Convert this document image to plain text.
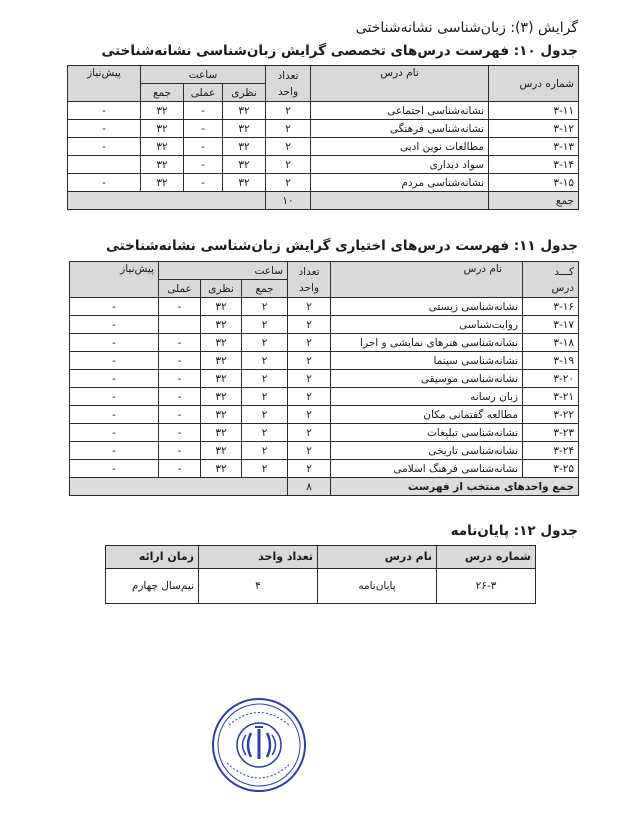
گرایش (۳): زبان‌شناسی نشانه‌شناختی
جدول ۱۰: فهرست درس‌های تخصصی گرایش زبان‌شناسی نشانه‌شناختی
شماره درس	نام درس	تعداد واحد	ساعت			پیش‌نیاز
			نظری	عملی	جمع	
۳-۱۱	نشانه‌شناسی اجتماعی	۲	۳۲	-	۳۲	-
۳-۱۲	نشانه‌شناسی فرهنگی	۲	۳۲	-	۳۲	-
۳-۱۳	مطالعات نوین ادبی	۲	۳۲	-	۳۲	-
۳-۱۴	سواد دیداری	۲	۳۲	-	۳۲	
۳-۱۵	نشانه‌شناسی مردم	۲	۳۲	-	۳۲	-
جمع		۱۰				
جدول ۱۱: فهرست درس‌های اختیاری گرایش زبان‌شناسی نشانه‌شناختی
کـــد
درس	نام درس	تعداد واحد	ساعت			پیش‌نیاز
			جمع	نظری	عملی	
۳-۱۶	نشانه‌شناسی زیستی	۲	۲	۳۲	-	-
۳-۱۷	روایت‌شناسی	۲	۲	۳۲		-
۳-۱۸	نشانه‌شناسی هنرهای نمایشی و اجرا	۲	۲	۳۲	-	-
۳-۱۹	نشانه‌شناسی سینما	۲	۲	۳۲	-	-
۳-۲۰	نشانه‌شناسی موسیقی	۲	۲	۳۲	-	-
۳-۲۱	زبان رسانه	۲	۲	۳۲	-	-
۳-۲۲	مطالعه گفتمانی مکان	۲	۲	۳۲	-	-
۳-۲۳	نشانه‌شناسی تبلیغات	۲	۲	۳۲	-	-
۳-۲۴	نشانه‌شناسی تاریخی	۲	۲	۳۲	-	-
۳-۲۵	نشانه‌شناسی فرهنگ اسلامی	۲	۲	۳۲	-	-
جمع واحدهای منتخب از فهرست		۸				
جدول ۱۲: پایان‌نامه
شماره درس	نام درس	تعداد واحد	زمان ارائه
۲۶-۳	پایان‌نامه	۴	نیم‌سال چهارم
